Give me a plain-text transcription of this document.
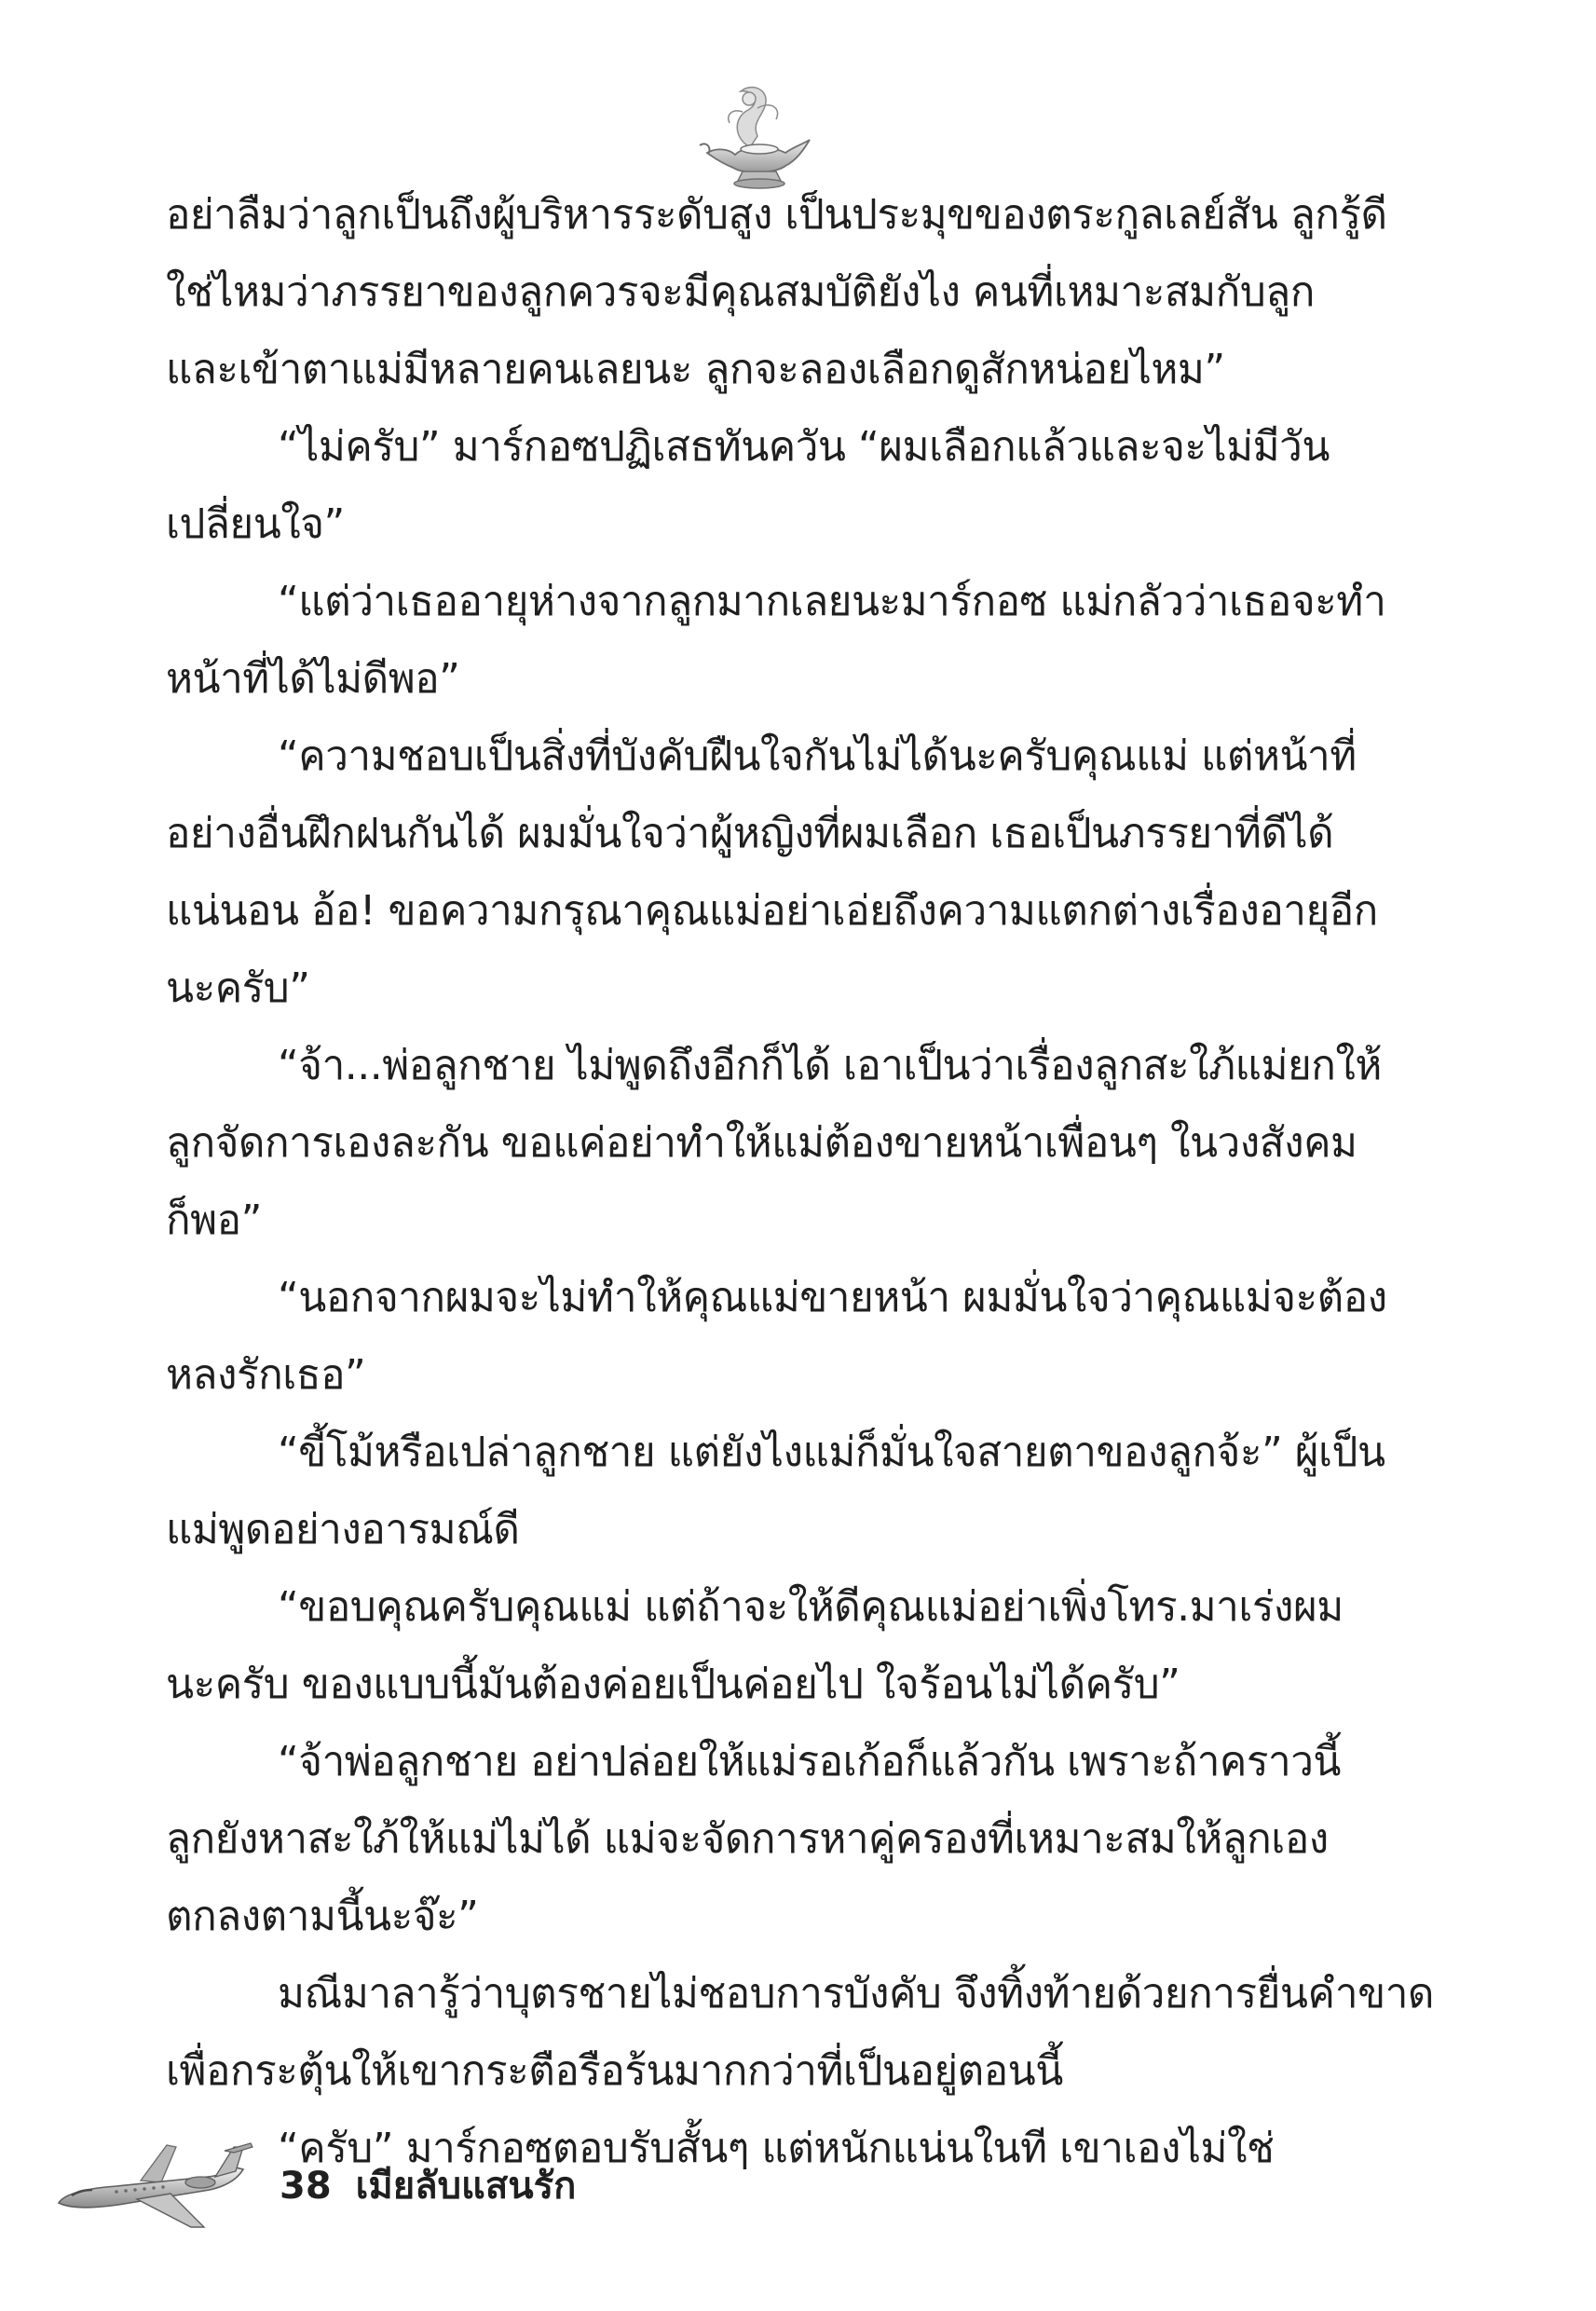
อย่าลืมว่าลูกเป็นถึงผู้บริหารระดับสูง เป็นประมุขของตระกูลเลย์สัน ลูกรู้ดี
ใช่ไหมว่าภรรยาของลูกควรจะมีคุณสมบัติยังไง คนที่เหมาะสมกับลูก
และเข้าตาแม่มีหลายคนเลยนะ ลูกจะลองเลือกดูสักหน่อยไหม”
“ไม่ครับ” มาร์กอซปฏิเสธทันควัน “ผมเลือกแล้วและจะไม่มีวัน
เปลี่ยนใจ”
“แต่ว่าเธออายุห่างจากลูกมากเลยนะมาร์กอซ แม่กลัวว่าเธอจะทำ
หน้าที่ได้ไม่ดีพอ”
“ความชอบเป็นสิ่งที่บังคับฝืนใจกันไม่ได้นะครับคุณแม่ แต่หน้าที่
อย่างอื่นฝึกฝนกันได้ ผมมั่นใจว่าผู้หญิงที่ผมเลือก เธอเป็นภรรยาที่ดีได้
แน่นอน อ้อ! ขอความกรุณาคุณแม่อย่าเอ่ยถึงความแตกต่างเรื่องอายุอีก
นะครับ”
“จ้า...พ่อลูกชาย ไม่พูดถึงอีกก็ได้ เอาเป็นว่าเรื่องลูกสะใภ้แม่ยกให้
ลูกจัดการเองละกัน ขอแค่อย่าทำให้แม่ต้องขายหน้าเพื่อนๆ ในวงสังคม
ก็พอ”
“นอกจากผมจะไม่ทำให้คุณแม่ขายหน้า ผมมั่นใจว่าคุณแม่จะต้อง
หลงรักเธอ”
“ขี้โม้หรือเปล่าลูกชาย แต่ยังไงแม่ก็มั่นใจสายตาของลูกจ้ะ” ผู้เป็น
แม่พูดอย่างอารมณ์ดี
“ขอบคุณครับคุณแม่ แต่ถ้าจะให้ดีคุณแม่อย่าเพิ่งโทร.มาเร่งผม
นะครับ ของแบบนี้มันต้องค่อยเป็นค่อยไป ใจร้อนไม่ได้ครับ”
“จ้าพ่อลูกชาย อย่าปล่อยให้แม่รอเก้อก็แล้วกัน เพราะถ้าคราวนี้
ลูกยังหาสะใภ้ให้แม่ไม่ได้ แม่จะจัดการหาคู่ครองที่เหมาะสมให้ลูกเอง
ตกลงตามนี้นะจ๊ะ”
มณีมาลารู้ว่าบุตรชายไม่ชอบการบังคับ จึงทิ้งท้ายด้วยการยื่นคำขาด
เพื่อกระตุ้นให้เขากระตือรือร้นมากกว่าที่เป็นอยู่ตอนนี้
“ครับ” มาร์กอซตอบรับสั้นๆ แต่หนักแน่นในที เขาเองไม่ใช่
38 เมียลับแสนรัก
